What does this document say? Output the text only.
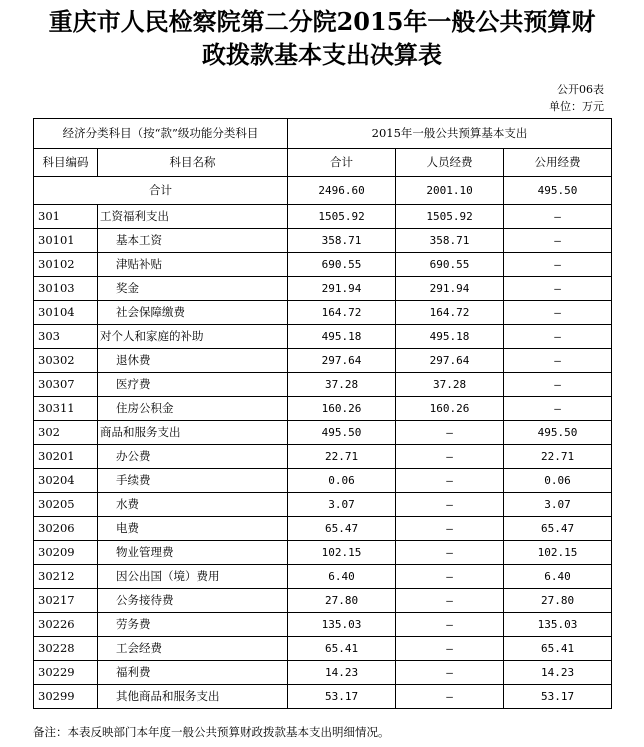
重庆市人民检察院第二分院2015年一般公共预算财
政拨款基本支出决算表
公开06表
单位：万元
经济分类科目（按“款”级功能分类科目		2015年一般公共预算基本支出		
科目编码	科目名称	合计	人员经费	公用经费
合计		2496.60	2001.10	495.50
301	工资福利支出	1505.92	1505.92	—
30101	基本工资	358.71	358.71	—
30102	津贴补贴	690.55	690.55	—
30103	奖金	291.94	291.94	—
30104	社会保障缴费	164.72	164.72	—
303	对个人和家庭的补助	495.18	495.18	—
30302	退休费	297.64	297.64	—
30307	医疗费	37.28	37.28	—
30311	住房公积金	160.26	160.26	—
302	商品和服务支出	495.50	—	495.50
30201	办公费	22.71	—	22.71
30204	手续费	0.06	—	0.06
30205	水费	3.07	—	3.07
30206	电费	65.47	—	65.47
30209	物业管理费	102.15	—	102.15
30212	因公出国（境）费用	6.40	—	6.40
30217	公务接待费	27.80	—	27.80
30226	劳务费	135.03	—	135.03
30228	工会经费	65.41	—	65.41
30229	福利费	14.23	—	14.23
30299	其他商品和服务支出	53.17	—	53.17
备注：本表反映部门本年度一般公共预算财政拨款基本支出明细情况。
